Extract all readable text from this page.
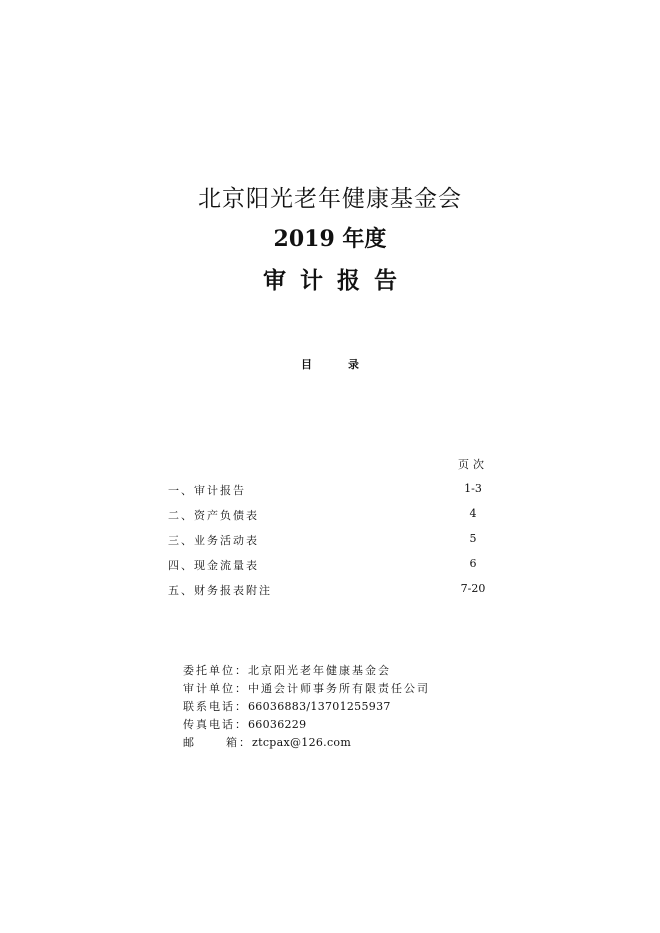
北京阳光老年健康基金会
2019 年度
审计报告
目	录
页次
一、审计报告	1-3
二、资产负债表	4
三、业务活动表	5
四、现金流量表	6
五、财务报表附注	7-20
委托单位：北京阳光老年健康基金会
审计单位：中通会计师事务所有限责任公司
联系电话：66036883/13701255937
传真电话：66036229
邮	箱：ztcpax@126.com
